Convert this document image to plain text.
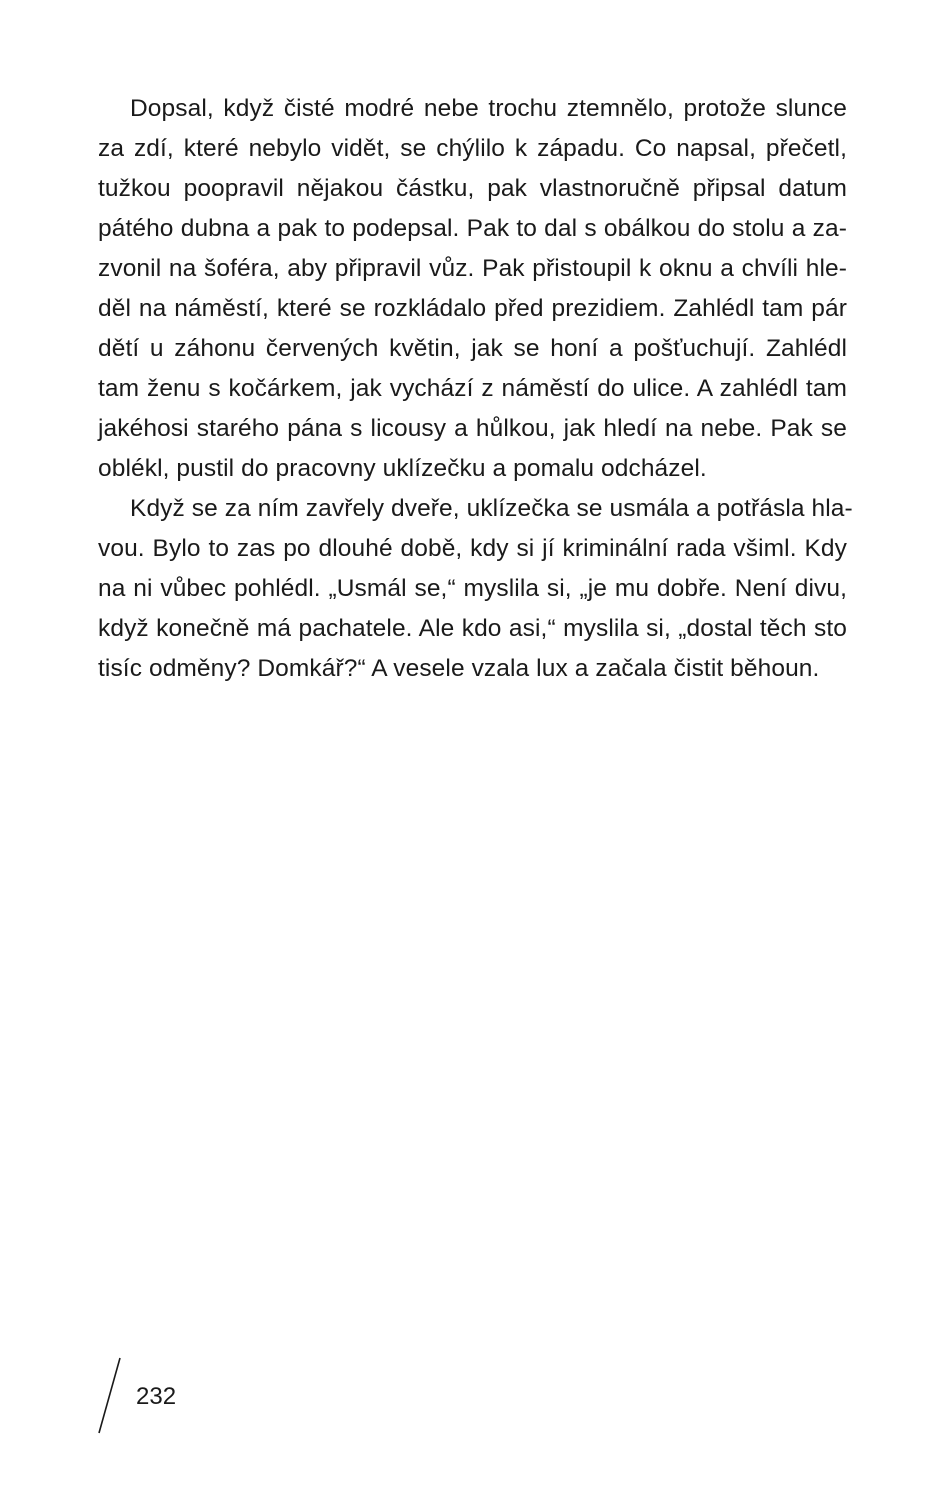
Dopsal, když čisté modré nebe trochu ztemnělo, protože slunce
za zdí, které nebylo vidět, se chýlilo k západu. Co napsal, přečetl,
tužkou poopravil nějakou částku, pak vlastnoručně připsal datum
pátého dubna a pak to podepsal. Pak to dal s obálkou do stolu a za-
zvonil na šoféra, aby připravil vůz. Pak přistoupil k oknu a chvíli hle-
děl na náměstí, které se rozkládalo před prezidiem. Zahlédl tam pár
dětí u záhonu červených květin, jak se honí a pošťuchují. Zahlédl
tam ženu s kočárkem, jak vychází z náměstí do ulice. A zahlédl tam
jakéhosi starého pána s licousy a hůlkou, jak hledí na nebe. Pak se
oblékl, pustil do pracovny uklízečku a pomalu odcházel.
Když se za ním zavřely dveře, uklízečka se usmála a potřásla hla-
vou. Bylo to zas po dlouhé době, kdy si jí kriminální rada všiml. Kdy
na ni vůbec pohlédl. „Usmál se,“ myslila si, „je mu dobře. Není divu,
když konečně má pachatele. Ale kdo asi,“ myslila si, „dostal těch sto
tisíc odměny? Domkář?“ A vesele vzala lux a začala čistit běhoun.
232
